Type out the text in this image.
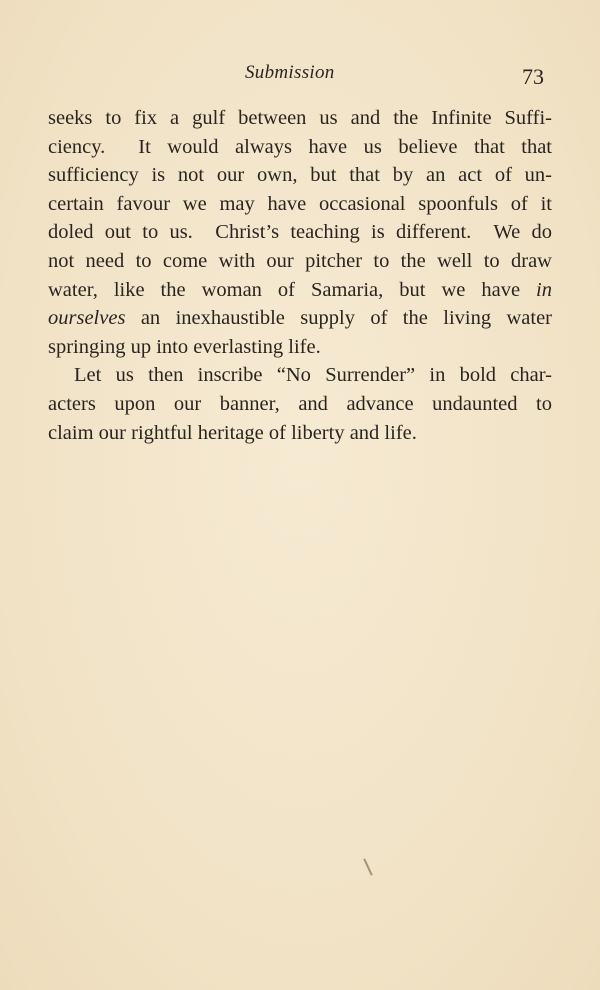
Submission	73
seeks to fix a gulf between us and the Infinite Suffi-
ciency.  It would always have us believe that that
sufficiency is not our own, but that by an act of un-
certain favour we may have occasional spoonfuls of it
doled out to us.  Christ’s teaching is different.  We do
not need to come with our pitcher to the well to draw
water, like the woman of Samaria, but we have in
ourselves an inexhaustible supply of the living water
springing up into everlasting life.
Let us then inscribe “No Surrender” in bold char-
acters upon our banner, and advance undaunted to
claim our rightful heritage of liberty and life.
